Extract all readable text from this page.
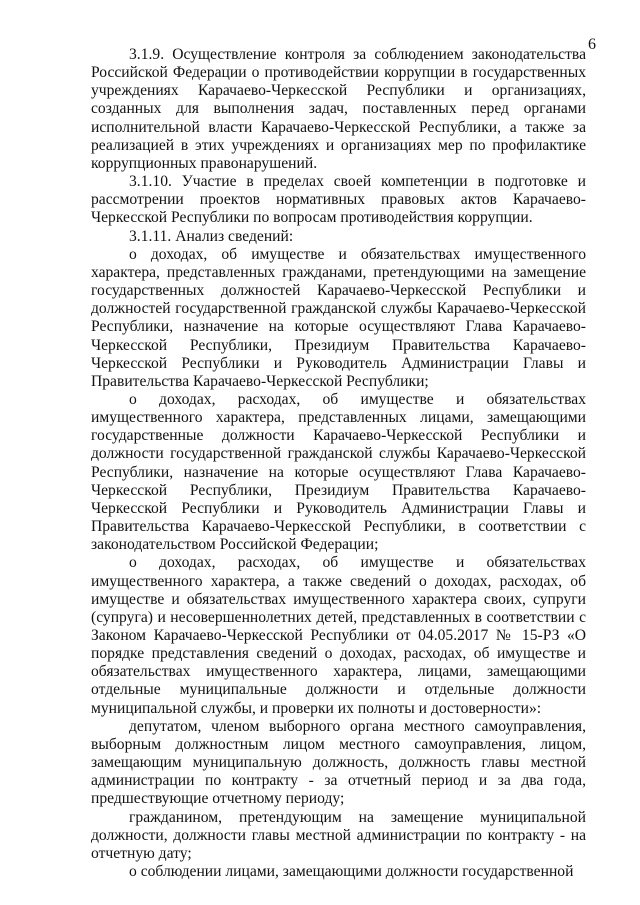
6

3.1.9. Осуществление контроля за соблюдением законодательства Российской Федерации о противодействии коррупции в государственных учреждениях Карачаево-Черкесской Республики и организациях, созданных для выполнения задач, поставленных перед органами исполнительной власти Карачаево-Черкесской Республики, а также за реализацией в этих учреждениях и организациях мер по профилактике коррупционных правонарушений.

3.1.10. Участие в пределах своей компетенции в подготовке и рассмотрении проектов нормативных правовых актов Карачаево-Черкесской Республики по вопросам противодействия коррупции.

3.1.11. Анализ сведений:

о доходах, об имуществе и обязательствах имущественного характера, представленных гражданами, претендующими на замещение государственных должностей Карачаево-Черкесской Республики и должностей государственной гражданской службы Карачаево-Черкесской Республики, назначение на которые осуществляют Глава Карачаево-Черкесской Республики, Президиум Правительства Карачаево-Черкесской Республики и Руководитель Администрации Главы и Правительства Карачаево-Черкесской Республики;

о доходах, расходах, об имуществе и обязательствах имущественного характера, представленных лицами, замещающими государственные должности Карачаево-Черкесской Республики и должности государственной гражданской службы Карачаево-Черкесской Республики, назначение на которые осуществляют Глава Карачаево-Черкесской Республики, Президиум Правительства Карачаево-Черкесской Республики и Руководитель Администрации Главы и Правительства Карачаево-Черкесской Республики, в соответствии с законодательством Российской Федерации;

о доходах, расходах, об имуществе и обязательствах имущественного характера, а также сведений о доходах, расходах, об имуществе и обязательствах имущественного характера своих, супруги (супруга) и несовершеннолетних детей, представленных в соответствии с Законом Карачаево-Черкесской Республики от 04.05.2017 № 15-РЗ «О порядке представления сведений о доходах, расходах, об имуществе и обязательствах имущественного характера, лицами, замещающими отдельные муниципальные должности и отдельные должности муниципальной службы, и проверки их полноты и достоверности»:

депутатом, членом выборного органа местного самоуправления, выборным должностным лицом местного самоуправления, лицом, замещающим муниципальную должность, должность главы местной администрации по контракту - за отчетный период и за два года, предшествующие отчетному периоду;

гражданином, претендующим на замещение муниципальной должности, должности главы местной администрации по контракту - на отчетную дату;

о соблюдении лицами, замещающими должности государственной
